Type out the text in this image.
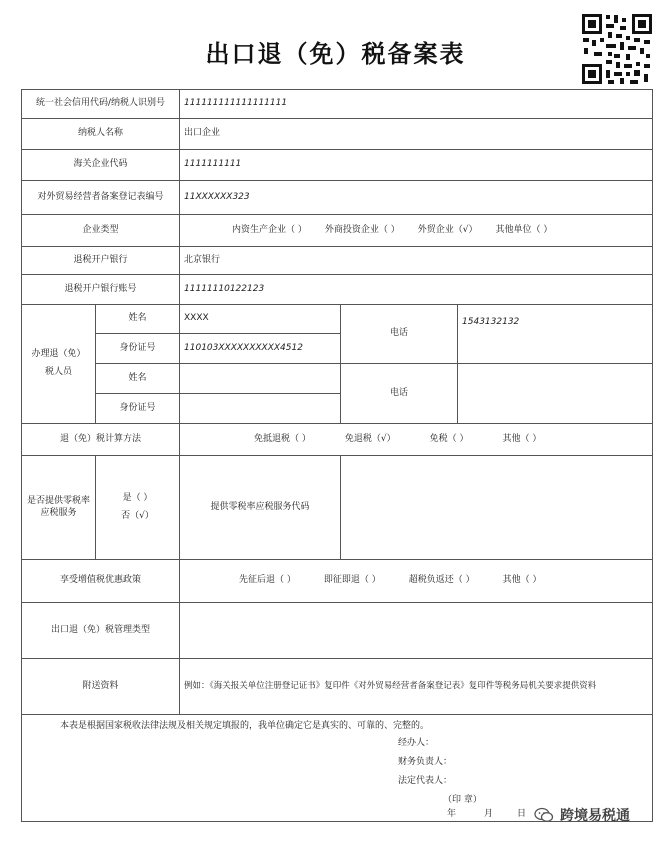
出口退（免）税备案表
统一社会信用代码/纳税人识别号		111111111111111111		
纳税人名称		出口企业		
海关企业代码		1111111111		
对外贸易经营者备案登记表编号		11XXXXXX323		
企业类型		内资生产企业（ ） 外商投资企业（ ） 外贸企业（√） 其他单位（ ）		

退税开户银行		北京银行		
退税开户银行账号		11111110122123		

办理退（免）
税人员	姓名	XXXX	电话	1543132132
	身份证号	110103XXXXXXXXXX4512		
	姓名		电话	
	身份证号			
退（免）税计算方法		免抵退税（ ） 免退税（√） 免税（ ） 其他（ ）		

是否提供零税率应税服务	是（ ）
否（√）	提供零税率应税服务代码		
享受增值税优惠政策		先征后退（ ） 即征即退（ ） 超税负返还（ ） 其他（ ）		

出口退（免）税管理类型				
附送资料		例如：《海关报关单位注册登记证书》复印件《对外贸易经营者备案登记表》复印件等税务局机关要求提供资料		

本表是根据国家税收法律法规及相关规定填报的，我单位确定它是真实的、可靠的、完整的。
经办人：
财务负责人：
法定代表人：
（印 章）				
年	月	日 跨境易税通
